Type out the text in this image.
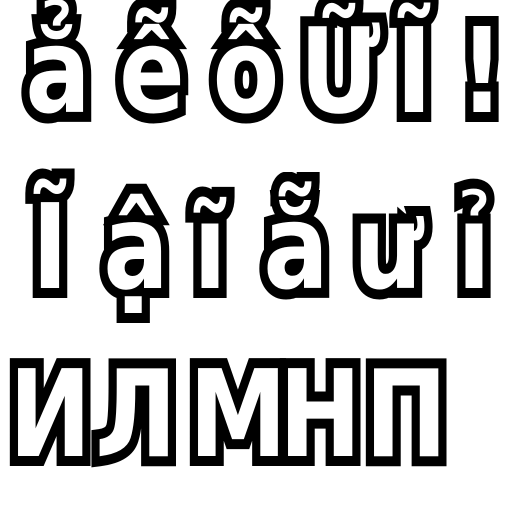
ẳ ễ ỗ Ữ Ĩ !
Ĩ ậ ĩ ẵ ư ỉ
И Л М
Н П
